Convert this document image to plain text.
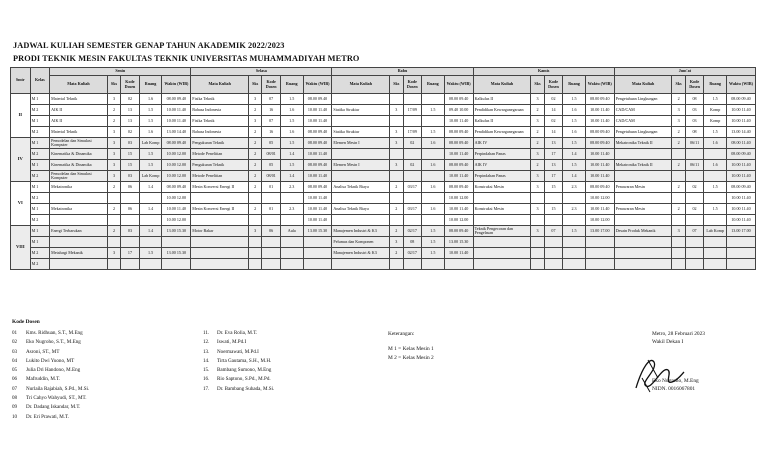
JADWAL KULIAH SEMESTER GENAP TAHUN AKADEMIK 2022/2023
PRODI TEKNIK MESIN FAKULTAS TEKNIK UNIVERSITAS MUHAMMADIYAH METRO
Smtr	Kelas	Senin					Selasa					Rabu					Kamis					Jum'at				
		Mata Kuliah	Sks	Kode Dosen	Ruang	Waktu (WIB)	Mata Kuliah	Sks	Kode Dosen	Ruang	Waktu (WIB)	Mata Kuliah	Sks	Kode Dosen	Ruang	Waktu (WIB)	Mata Kuliah	Sks	Kode Dosen	Ruang	Waktu (WIB)	Mata Kuliah	Sks	Kode Dosen	Ruang	Waktu (WIB)
II	M 1	Material Teknik	3	02	1.6	08.00 09.40	Fisika Teknik	3	07	1.5	08.00 09.40					08.00 09.40	Kalkulus II	3	02	1.5	08.00 09.40	Pengetahuan Lingkungan	2	08	1.5	08.00 09.40
	M 2	AIK II	2	13	1.5	10.00 11.40	Bahasa Indonesia	2	16	1.6	10.00 11.40	Statika Struktur	3	17/09	1.5	09.40 10.00	Pendidikan Kewarganegaraan	2	14	1.6	10.00 11.40	CAD/CAM	3	03	Komp	10.00 11.40
	M 1	AIK II	2	13	1.5	10.00 11.40	Fisika Teknik	3	07	1.5	10.00 11.40					10.00 11.40	Kalkulus II	3	02	1.5	10.00 11.40	CAD/CAM	3	03	Komp	10.00 11.40
	M 2	Material Teknik	3	02	1.6	13.00 14.40	Bahasa Indonesia	2	16	1.6	08.00 09.40	Statika Struktur	3	17/09	1.5	08.00 09.40	Pendidikan Kewarganegaraan	2	14	1.6	08.00 09.40	Pengetahuan Lingkungan	2	08	1.5	13.00 14.40
IV	M 1	Pemodelan dan Simulasi Komputer	3	03	Lab Komp	08.00 09.40	Pengukuran Teknik	2	05	1.5	08.00 09.40	Elemen Mesin I	3	02	1.6	08.00 09.40	AIK IV	2	13	1.5	08.00 09.40	Mekatronika Teknik II	2	06/11	1.6	08.00 11.40
	M 2	Kinematika & Dinamika	3	15	1.5	10.00 12.00	Metode Penelitian	2	08/01	1.4	10.00 11.40					10.00 11.40	Perpindahan Panas	3	17	1.4	10.00 11.40					08.00 09.40
	M 1	Kinematika & Dinamika	3	15	1.5	10.00 12.00	Pengukuran Teknik	2	05	1.5	08.00 09.40	Elemen Mesin I	3	02	1.6	08.00 09.40	AIK IV	2	13	1.5	10.00 11.40	Mekatronika Teknik II	2	06/11	1.6	10.00 11.40
	M 2	Pemodelan dan Simulasi Komputer	3	03	Lab Komp	10.00 12.00	Metode Penelitian	2	08/01	1.4	10.00 11.40					10.00 11.40	Perpindahan Panas	3	17	1.4	10.00 11.40					10.00 11.40
VI	M 1	Mekatronika	2	06	1.4	08.00 09.40	Mesin Konversi Energi II	2	01	2.3	08.00 09.40	Analisa Teknik Biaya	2	03/17	1.6	08.00 09.40	Konstruksi Mesin	3	15	2.3	08.00 09.40	Penawaran Mesin	2	02	1.5	08.00 09.40
	M 2					10.00 12.00					10.00 11.40					10.00 12.00					10.00 12.00					10.00 11.40
	M 1	Mekatronika	2	06	1.4	10.00 11.40	Mesin Konversi Energi II	2	01	2.3	10.00 11.40	Analisa Teknik Biaya	2	03/17	1.6	10.00 11.40	Konstruksi Mesin	3	15	2.3	10.00 11.40	Penawaran Mesin	2	02	1.5	10.00 11.40
	M 2					10.00 12.00					10.00 11.40					10.00 12.00					10.00 12.00					10.00 11.40
VIII	M 1	Energi Terbarukan	2	03	1.4	13.00 15.30	Motor Bakar	3	06	Aula	13.00 15.30	Manajemen Industri & K3	2	02/17	1.5	08.00 09.40	Teknik Pengecoran dan Pengelasan	3	07	1.5	13.00 17.00	Desain Produk Mekanik	3	07	Lab Komp	13.00 17.00
	M 1											Pelumas dan Komponen	3	08	1.5	13.00 15.30										
	M 2	Metalurgi Mekanik	3	17	1.5	13.00 15.30						Manajemen Industri & K3	2	02/17	1.5	10.00 11.40										
	M 2																									
Kode Dosen
01 Kms. Ridhuan, S.T., M.Eng
02 Eko Nugroho, S.T., M.Eng
03 Asroni, ST., MT
04 Lukito Dwi Yuono, MT
05 Julia Dri Handono, M.Eng
06 Mafruddin, M.T.
07 Nurlaila Rajabiah, S.Pd., M.Si.
08 Tri Cahyo Wahyudi, ST., MT.
09 Dr. Dadang Iskandar, M.T.
10 Dr. Eri Prawati, M.T.
11. Dr. Eva Rolia, M.T.
12. Iswati, M.Pd.I
13. Noermawati, M.Pd.I
14. Tirta Gautama, S.H., M.H.
15. Bambang Sumono, M.Eng
16. Rio Saptono, S.Pd., M.Pd.
17. Dr. Bambang Suhada, M.Si.
Keterangan:
M 1 = Kelas Mesin 1
M 2 = Kelas Mesin 2
Metro, 28 Februari 2023
Wakil Dekan I
Eko Nugroho, M.Eng
NIDN. 0016067801
